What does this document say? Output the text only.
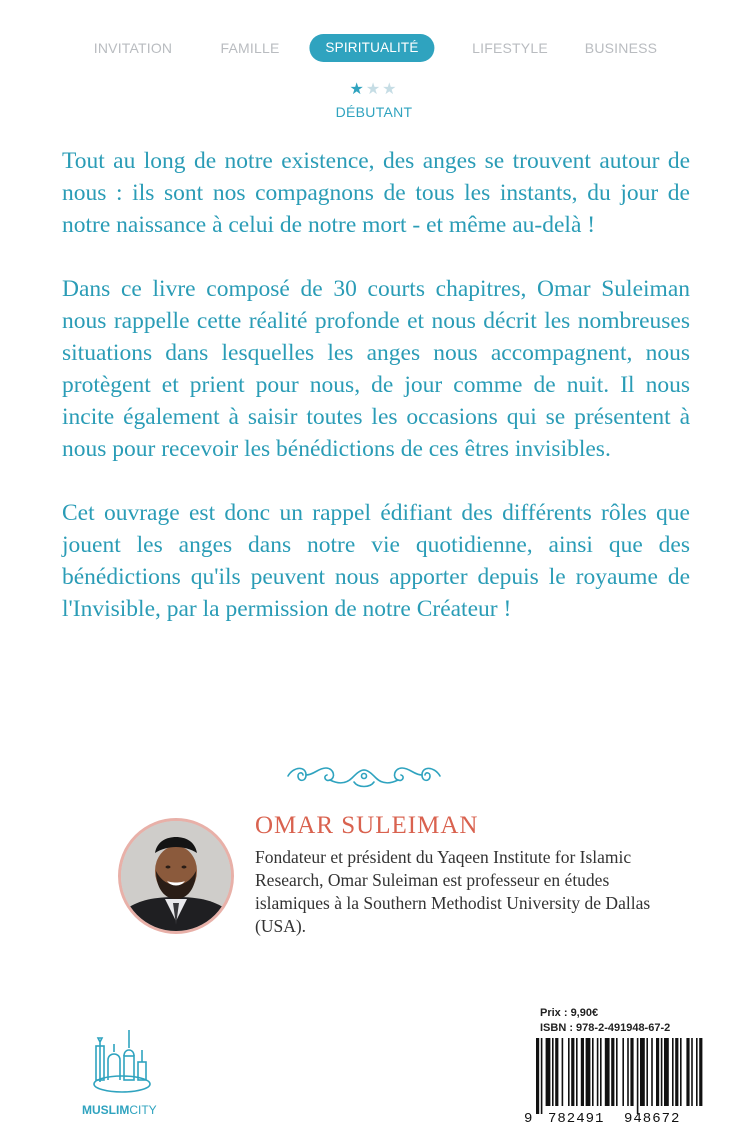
INVITATION	FAMILLE	SPIRITUALITÉ	LIFESTYLE	BUSINESS
★★★
DÉBUTANT

Tout au long de notre existence, des anges se trouvent autour de nous : ils sont nos compagnons de tous les instants, du jour de notre naissance à celui de notre mort - et même au-delà !

Dans ce livre composé de 30 courts chapitres, Omar Suleiman nous rappelle cette réalité profonde et nous décrit les nombreuses situations dans lesquelles les anges nous accompagnent, nous protègent et prient pour nous, de jour comme de nuit. Il nous incite également à saisir toutes les occasions qui se présentent à nous pour recevoir les bénédictions de ces êtres invisibles.

Cet ouvrage est donc un rappel édifiant des différents rôles que jouent les anges dans notre vie quotidienne, ainsi que des bénédictions qu'ils peuvent nous apporter depuis le royaume de l'Invisible, par la permission de notre Créateur !

OMAR SULEIMAN
Fondateur et président du Yaqeen Institute for Islamic Research, Omar Suleiman est professeur en études islamiques à la Southern Methodist University de Dallas (USA).
MUSLIMCITY
Prix : 9,90€
ISBN : 978-2-491948-67-2
9 782491 948672
